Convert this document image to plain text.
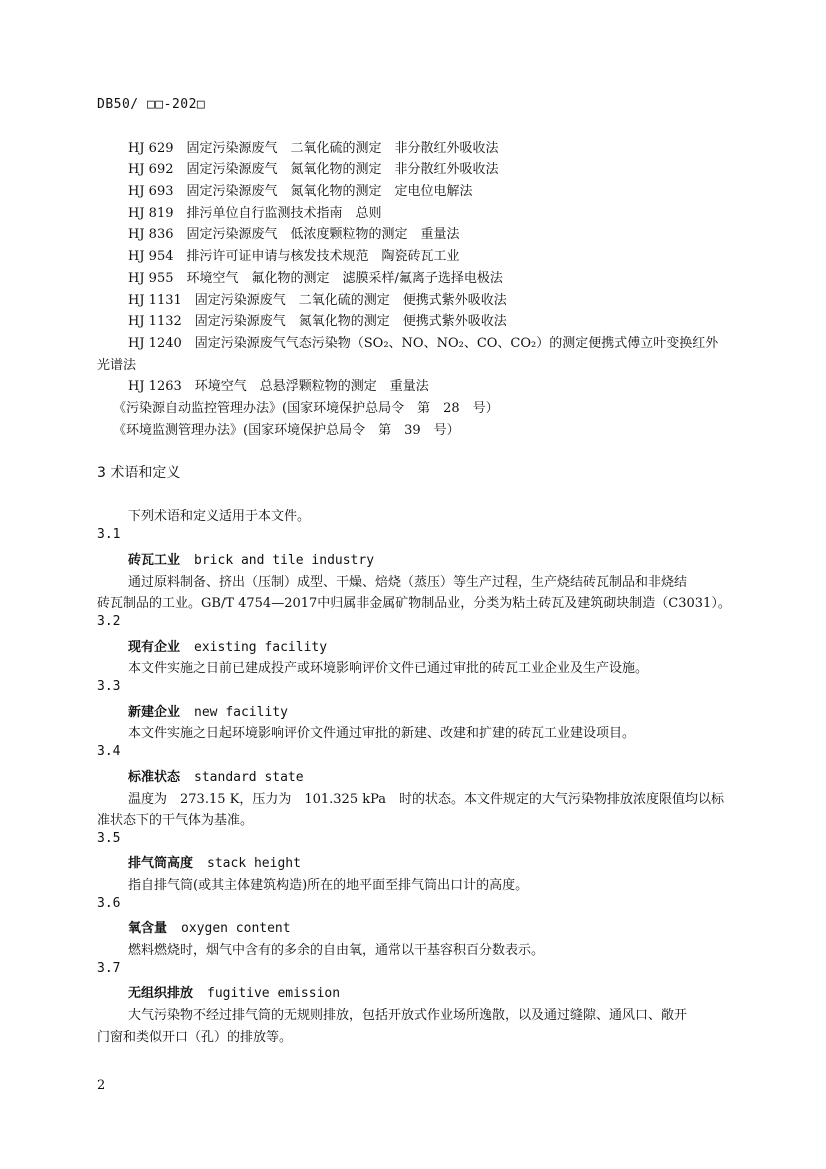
DB50/ □□-202□
HJ 629　固定污染源废气　二氧化硫的测定　非分散红外吸收法
HJ 692　固定污染源废气　氮氧化物的测定　非分散红外吸收法
HJ 693　固定污染源废气　氮氧化物的测定　定电位电解法
HJ 819　排污单位自行监测技术指南　总则
HJ 836　固定污染源废气　低浓度颗粒物的测定　重量法
HJ 954　排污许可证申请与核发技术规范　陶瓷砖瓦工业
HJ 955　环境空气　氟化物的测定　滤膜采样/氟离子选择电极法
HJ 1131　固定污染源废气　二氧化硫的测定　便携式紫外吸收法
HJ 1132　固定污染源废气　氮氧化物的测定　便携式紫外吸收法
HJ 1240　固定污染源废气气态污染物（SO₂、NO、NO₂、CO、CO₂）的测定便携式傅立叶变换红外
光谱法
HJ 1263　环境空气　总悬浮颗粒物的测定　重量法
《污染源自动监控管理办法》(国家环境保护总局令　第　28　号）
《环境监测管理办法》(国家环境保护总局令　第　39　号）
3 术语和定义
下列术语和定义适用于本文件。
3.1
砖瓦工业 brick and tile industry
通过原料制备、挤出（压制）成型、干燥、焙烧（蒸压）等生产过程，生产烧结砖瓦制品和非烧结
砖瓦制品的工业。GB/T 4754—2017中归属非金属矿物制品业，分类为粘土砖瓦及建筑砌块制造（C3031）。
3.2
现有企业 existing facility
本文件实施之日前已建成投产或环境影响评价文件已通过审批的砖瓦工业企业及生产设施。
3.3
新建企业 new facility
本文件实施之日起环境影响评价文件通过审批的新建、改建和扩建的砖瓦工业建设项目。
3.4
标准状态 standard state
温度为　273.15 K，压力为　101.325 kPa　时的状态。本文件规定的大气污染物排放浓度限值均以标
准状态下的干气体为基准。
3.5
排气筒高度 stack height
指自排气筒(或其主体建筑构造)所在的地平面至排气筒出口计的高度。
3.6
氧含量 oxygen content
燃料燃烧时，烟气中含有的多余的自由氧，通常以干基容积百分数表示。
3.7
无组织排放 fugitive emission
大气污染物不经过排气筒的无规则排放，包括开放式作业场所逸散，以及通过缝隙、通风口、敞开
门窗和类似开口（孔）的排放等。
2
